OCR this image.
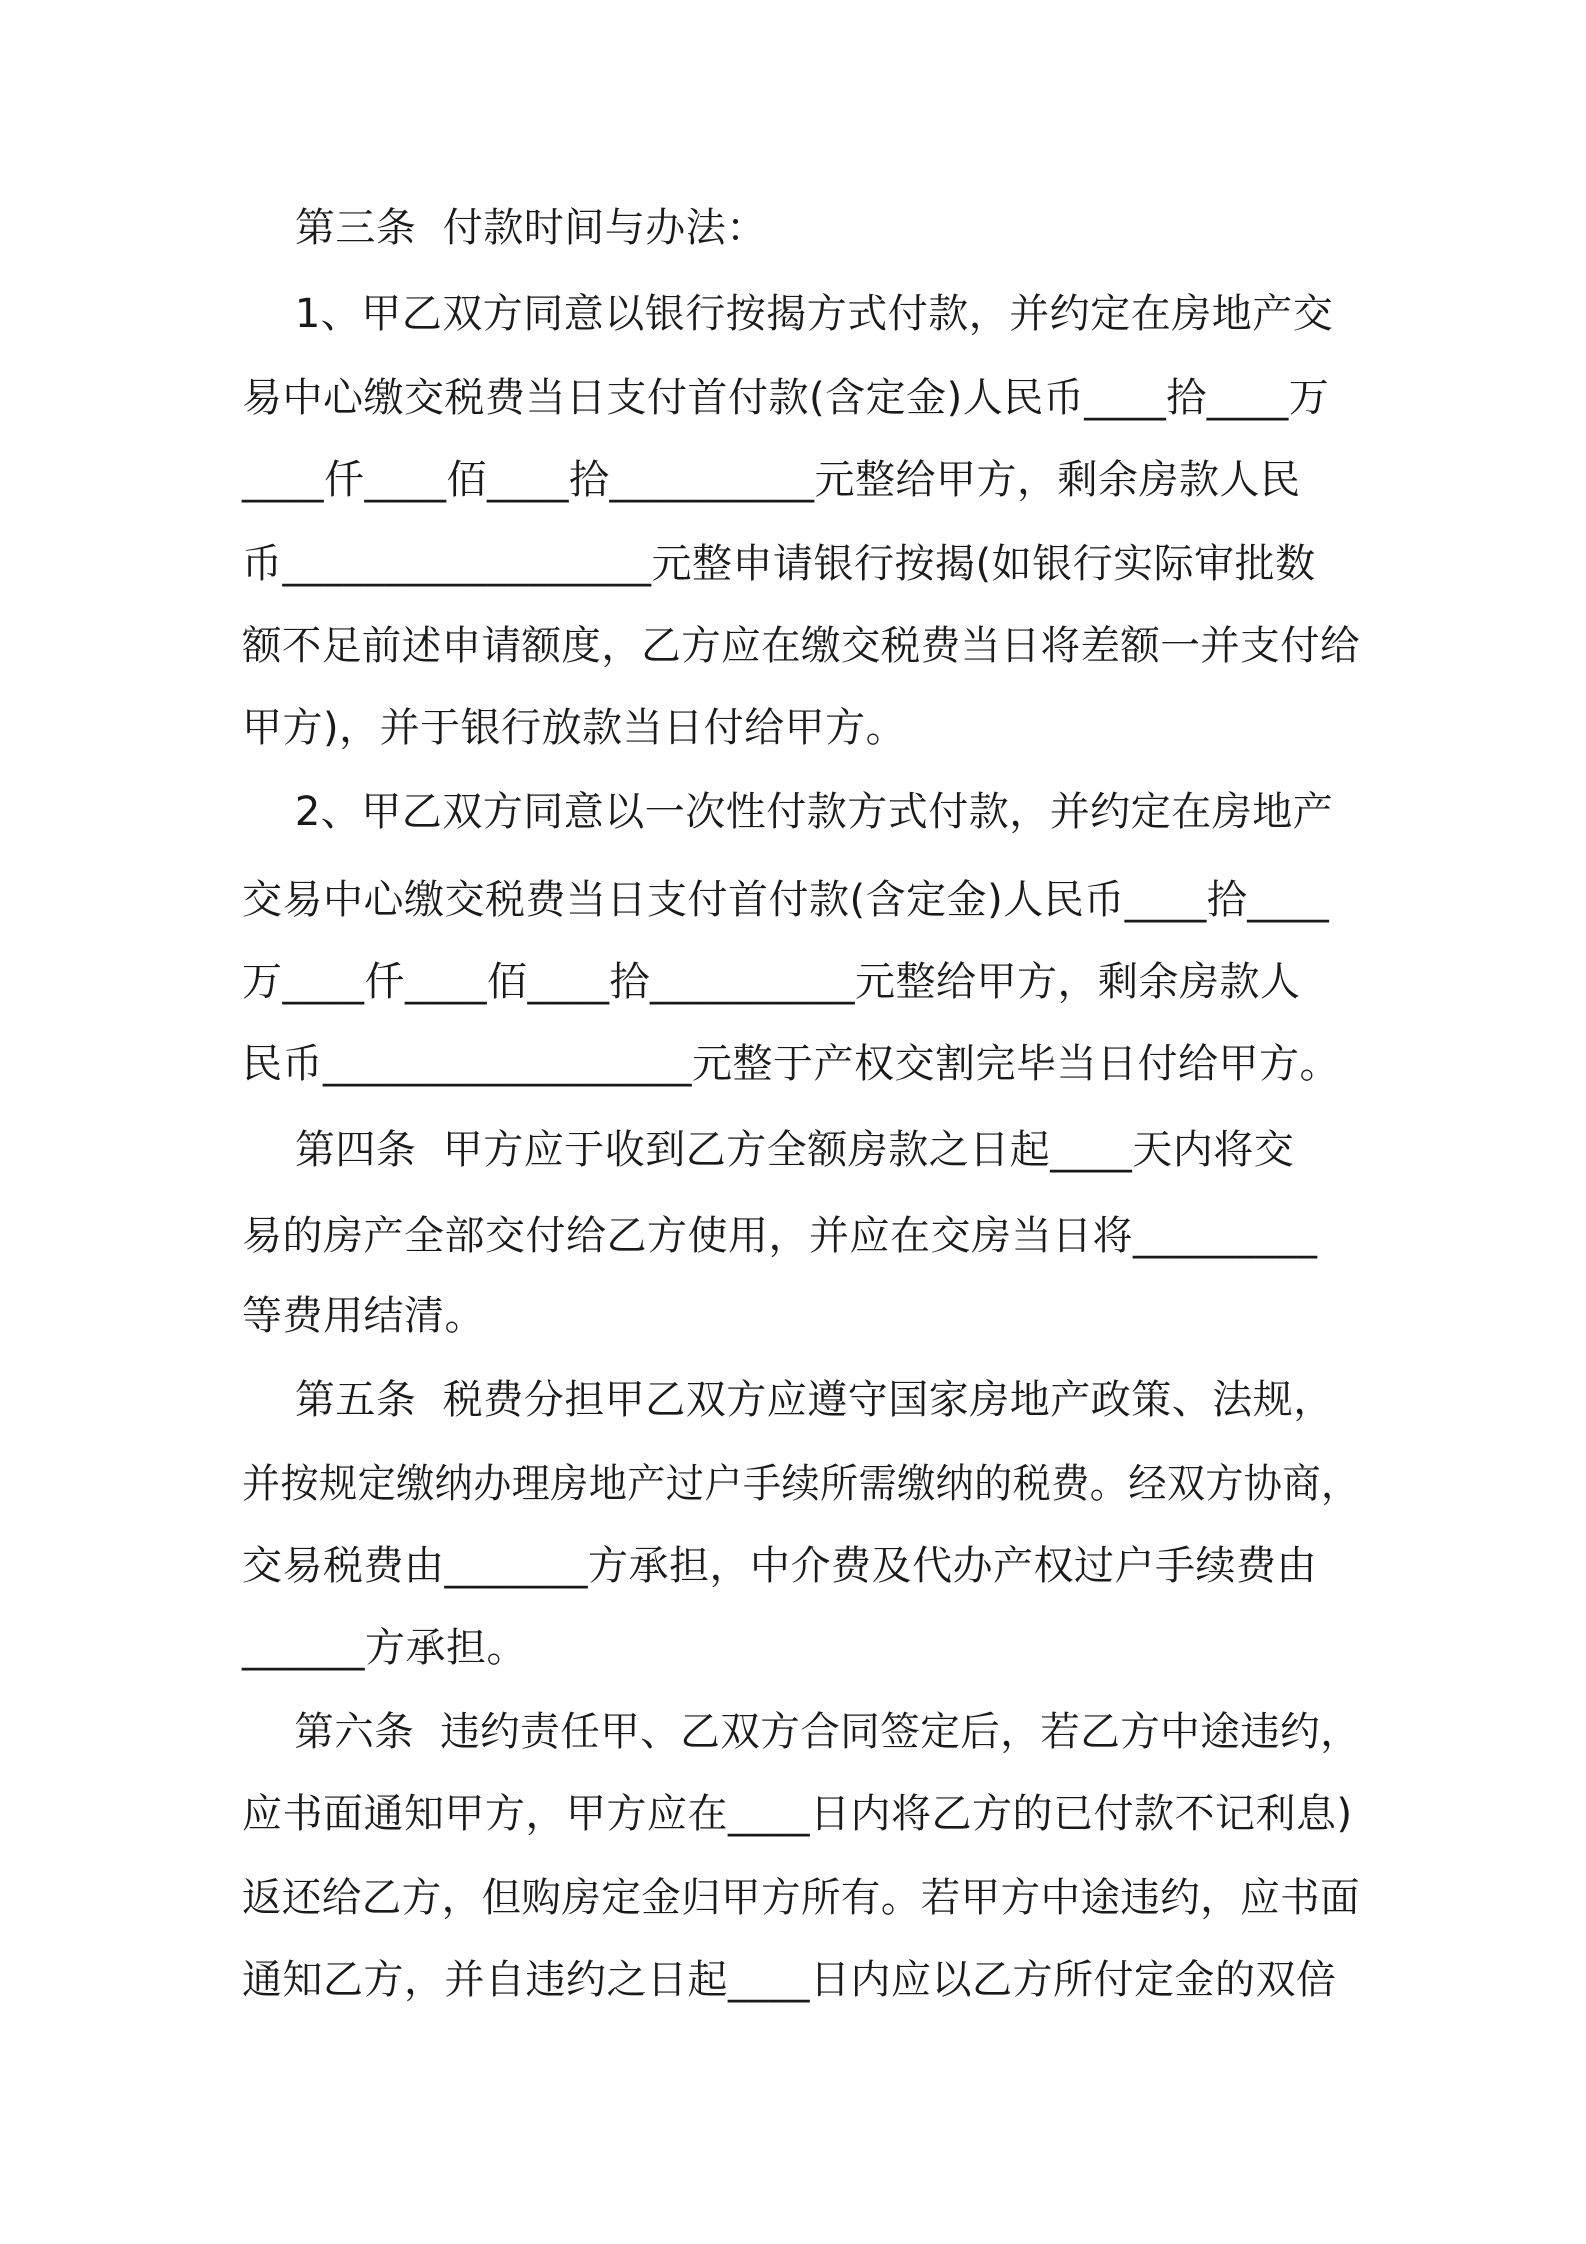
第三条  付款时间与办法：
1、甲乙双方同意以银行按揭方式付款，并约定在房地产交
易中心缴交税费当日支付首付款(含定金)人民币____拾____万
____仟____佰____拾__________元整给甲方，剩余房款人民
币__________________元整申请银行按揭(如银行实际审批数
额不足前述申请额度，乙方应在缴交税费当日将差额一并支付给
甲方)，并于银行放款当日付给甲方。
2、甲乙双方同意以一次性付款方式付款，并约定在房地产
交易中心缴交税费当日支付首付款(含定金)人民币____拾____
万____仟____佰____拾__________元整给甲方，剩余房款人
民币__________________元整于产权交割完毕当日付给甲方。
第四条  甲方应于收到乙方全额房款之日起____天内将交
易的房产全部交付给乙方使用，并应在交房当日将_________
等费用结清。
第五条  税费分担甲乙双方应遵守国家房地产政策、法规，
并按规定缴纳办理房地产过户手续所需缴纳的税费。经双方协商，
交易税费由_______方承担，中介费及代办产权过户手续费由
______方承担。
第六条  违约责任甲、乙双方合同签定后，若乙方中途违约，
应书面通知甲方，甲方应在____日内将乙方的已付款不记利息)
返还给乙方，但购房定金归甲方所有。若甲方中途违约，应书面
通知乙方，并自违约之日起____日内应以乙方所付定金的双倍
